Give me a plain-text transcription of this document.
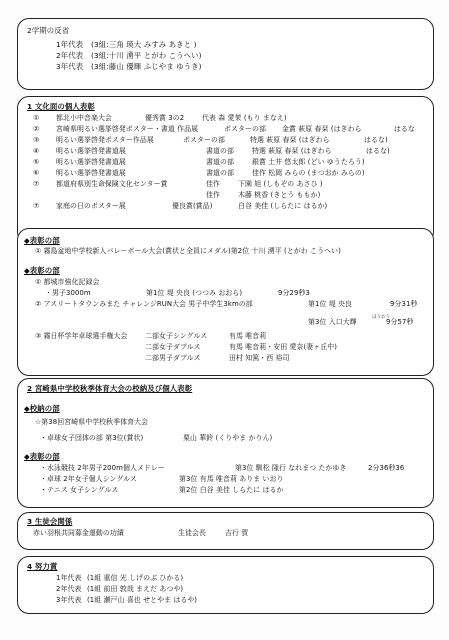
2学期の反省
1年代表 (3組:三角 瑛大 みすみ あきと )
2年代表 (3組:十川 湧平 とがわ こうへい)
3年代表 (3組:藤山 優輝 ふじやま ゆうき)
1 文化面の個人表彰
① 都北小中音楽大会	優秀賞 3の2	代表 森 愛茉 (もり まなえ)
② 宮崎県明るい選挙啓発ポスター・書道 作品展	ポスターの部 金賞 萩原 春栞 (はぎわら	はるな
③ 明るい選挙啓発ポスター作品展	ポスターの部	特選 萩原 春栞 (はぎわら	はるな)
④ 明るい選挙啓発書道展	書道の部	特選 萩原 春栞 (はぎわら	はるな)
⑤ 明るい選挙啓発書道展	書道の部	銀賞 土井 悠太郎 (どい ゆうたろう)
⑥ 明るい選挙啓発書道展	書道の部	佳作 松岡 みらの (まつおか みらの)
⑦ 都道府県別生命保険文化センター賞	佳作	下園 旭 (しもぞの あさひ )
佳作	木藤 桃香 (きとう ももか)
⑦ 家庭の日のポスター展	優良賞(賞品)	白谷 美佳 (しらたに はるか)
◆表彰の部
① 霧島盆地中学校新人バレーボール大会(賞状と全員にメダル)第2位 十川 湧平 (とがわ こうへい)
◆表彰の部
① 都城市強化記録会
・男子3000m	第1位 堤 央良 (つつみ おおら)	9分29秒3
② アスリートタウンみまた チャレンジRUN大会 男子中学生3kmの部	第1位 堤 央良	9分31秒
ほうおう
第3位 入口大輝	9分57秒
③ 霧日杯学年卓球選手権大会	二部女子シングルス	有馬 唯音莉
二部女子ダブルス	有馬 唯音莉・安田 愛奈(妻ヶ丘中)
二部男子ダブルス	田村 知篤・西 裕司
2 宮崎県中学校秋季体育大会の校納及び個人表彰
◆校納の部
☆第38回宮崎県中学校秋季体育大会
・卓球女子団体の部 第3位(賞状)	栗山 華鈴 (くりやま かりん)
◆表彰の部
・水泳競技 2年男子200m個人メドレー	第3位 馴松 隆行 なれまつ たかゆき	2分36秒36
・卓球 2年女子個人シングルス	第3位 有馬 唯音莉 ありま いおり
・テニス 女子シングルス	第2位 白谷 美佳 しらたに はるか
3 生徒会関係
赤い羽根共同募金運動の功績	生徒会長	吉行 賀
4 努力賞
1年代表 (1組 重信 光 しげのぶ ひかる)
2年代表 (1組 前田 敦哉 まえだ あつや)
3年代表 (1組 瀬戸山 喜也 せとやま はるや)
